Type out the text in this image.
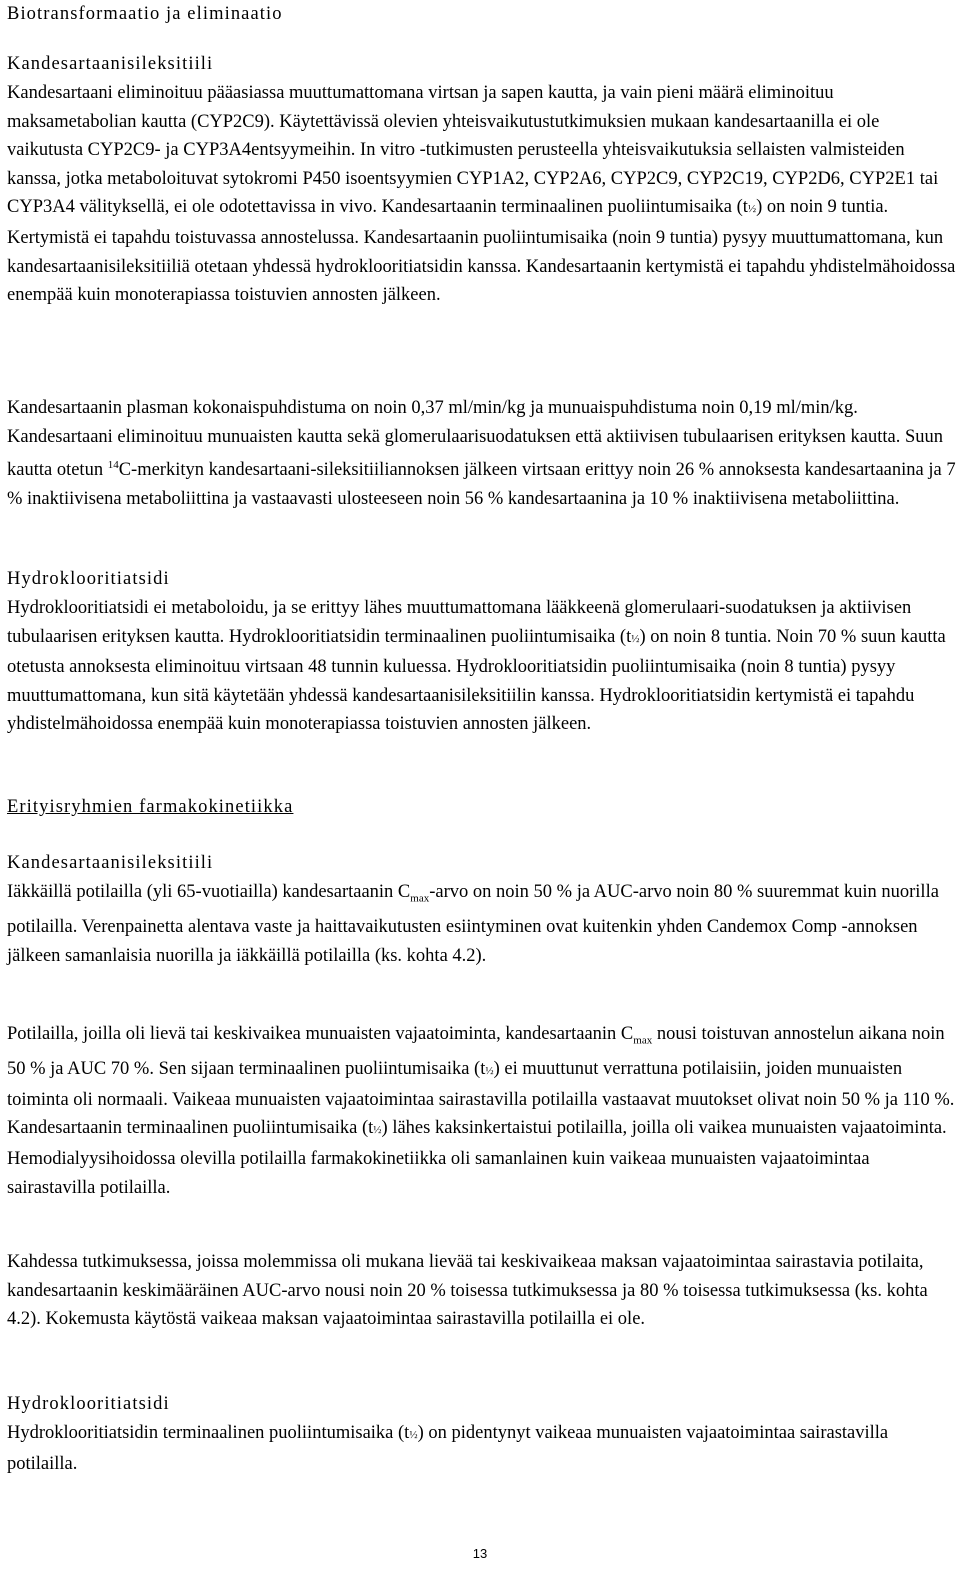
Biotransformaatio ja eliminaatio
Kandesartaanisileksitiili

Kandesartaani eliminoituu pääasiassa muuttumattomana virtsan ja sapen kautta, ja vain pieni määrä eliminoituu maksametabolian kautta (CYP2C9). Käytettävissä olevien yhteisvaikutustutkimuksien mukaan kandesartaanilla ei ole vaikutusta CYP2C9- ja CYP3A4entsyymeihin. In vitro -tutkimusten perusteella yhteisvaikutuksia sellaisten valmisteiden kanssa, jotka metaboloituvat sytokromi P450 isoentsyymien CYP1A2, CYP2A6, CYP2C9, CYP2C19, CYP2D6, CYP2E1 tai CYP3A4 välityksellä, ei ole odotettavissa in vivo. Kandesartaanin terminaalinen puoliintumisaika (t½) on noin 9 tuntia. Kertymistä ei tapahdu toistuvassa annostelussa. Kandesartaanin puoliintumisaika (noin 9 tuntia) pysyy muuttumattomana, kun kandesartaanisileksitiiliä otetaan yhdessä hydroklooritiatsidin kanssa. Kandesartaanin kertymistä ei tapahdu yhdistelmähoidossa enempää kuin monoterapiassa toistuvien annosten jälkeen.

Kandesartaanin plasman kokonaispuhdistuma on noin 0,37 ml/min/kg ja munuaispuhdistuma noin 0,19 ml/min/kg. Kandesartaani eliminoituu munuaisten kautta sekä glomerulaarisuodatuksen että aktiivisen tubulaarisen erityksen kautta. Suun kautta otetun $^{14}$C-merkityn kandesartaani-sileksitiiliannoksen jälkeen virtsaan erittyy noin 26 % annoksesta kandesartaanina ja 7 % inaktiivisena metaboliittina ja vastaavasti ulosteeseen noin 56 % kandesartaanina ja 10 % inaktiivisena metaboliittina.

Hydroklooritiatsidi

Hydroklooritiatsidi ei metaboloidu, ja se erittyy lähes muuttumattomana lääkkeenä glomerulaari-suodatuksen ja aktiivisen tubulaarisen erityksen kautta. Hydroklooritiatsidin terminaalinen puoliintumisaika (t½) on noin 8 tuntia. Noin 70 % suun kautta otetusta annoksesta eliminoituu virtsaan 48 tunnin kuluessa. Hydroklooritiatsidin puoliintumisaika (noin 8 tuntia) pysyy muuttumattomana, kun sitä käytetään yhdessä kandesartaanisileksitiilin kanssa. Hydroklooritiatsidin kertymistä ei tapahdu yhdistelmähoidossa enempää kuin monoterapiassa toistuvien annosten jälkeen.

Erityisryhmien farmakokinetiikka
Kandesartaanisileksitiili

Iäkkäillä potilailla (yli 65-vuotiailla) kandesartaanin $C_{max}$-arvo on noin 50 % ja AUC-arvo noin 80 % suuremmat kuin nuorilla potilailla. Verenpainetta alentava vaste ja haittavaikutusten esiintyminen ovat kuitenkin yhden Candemox Comp -annoksen jälkeen samanlaisia nuorilla ja iäkkäillä potilailla (ks. kohta 4.2).

Potilailla, joilla oli lievä tai keskivaikea munuaisten vajaatoiminta, kandesartaanin $C_{max}$ nousi toistuvan annostelun aikana noin 50 % ja AUC 70 %. Sen sijaan terminaalinen puoliintumisaika (t½) ei muuttunut verrattuna potilaisiin, joiden munuaisten toiminta oli normaali. Vaikeaa munuaisten vajaatoimintaa sairastavilla potilailla vastaavat muutokset olivat noin 50 % ja 110 %. Kandesartaanin terminaalinen puoliintumisaika (t½) lähes kaksinkertaistui potilailla, joilla oli vaikea munuaisten vajaatoiminta. Hemodialyysihoidossa olevilla potilailla farmakokinetiikka oli samanlainen kuin vaikeaa munuaisten vajaatoimintaa sairastavilla potilailla.

Kahdessa tutkimuksessa, joissa molemmissa oli mukana lievää tai keskivaikeaa maksan vajaatoimintaa sairastavia potilaita, kandesartaanin keskimääräinen AUC-arvo nousi noin 20 % toisessa tutkimuksessa ja 80 % toisessa tutkimuksessa (ks. kohta 4.2). Kokemusta käytöstä vaikeaa maksan vajaatoimintaa sairastavilla potilailla ei ole.

Hydroklooritiatsidi

Hydroklooritiatsidin terminaalinen puoliintumisaika (t½) on pidentynyt vaikeaa munuaisten vajaatoimintaa sairastavilla potilailla.

13
